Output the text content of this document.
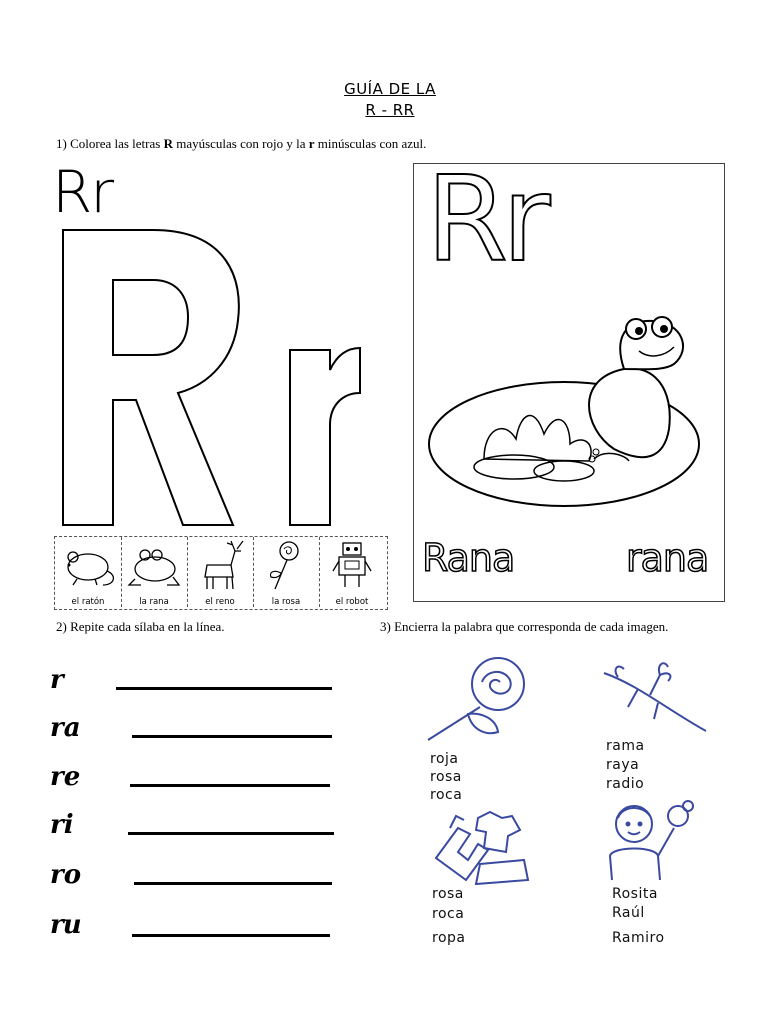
GUÍA DE LA
R - RR
1) Colorea las letras R mayúsculas con rojo y la r minúsculas con azul.
Rr
el ratón	la rana	el reno	la rosa	el robot
Rr
Rana	rana
2) Repite cada sílaba en la línea.
r
ra
re
ri
ro
ru
3) Encierra la palabra que corresponda de cada imagen.
roja
rosa
roca
rama
raya
radio
rosa
roca
ropa
Rosita
Raúl
Ramiro
